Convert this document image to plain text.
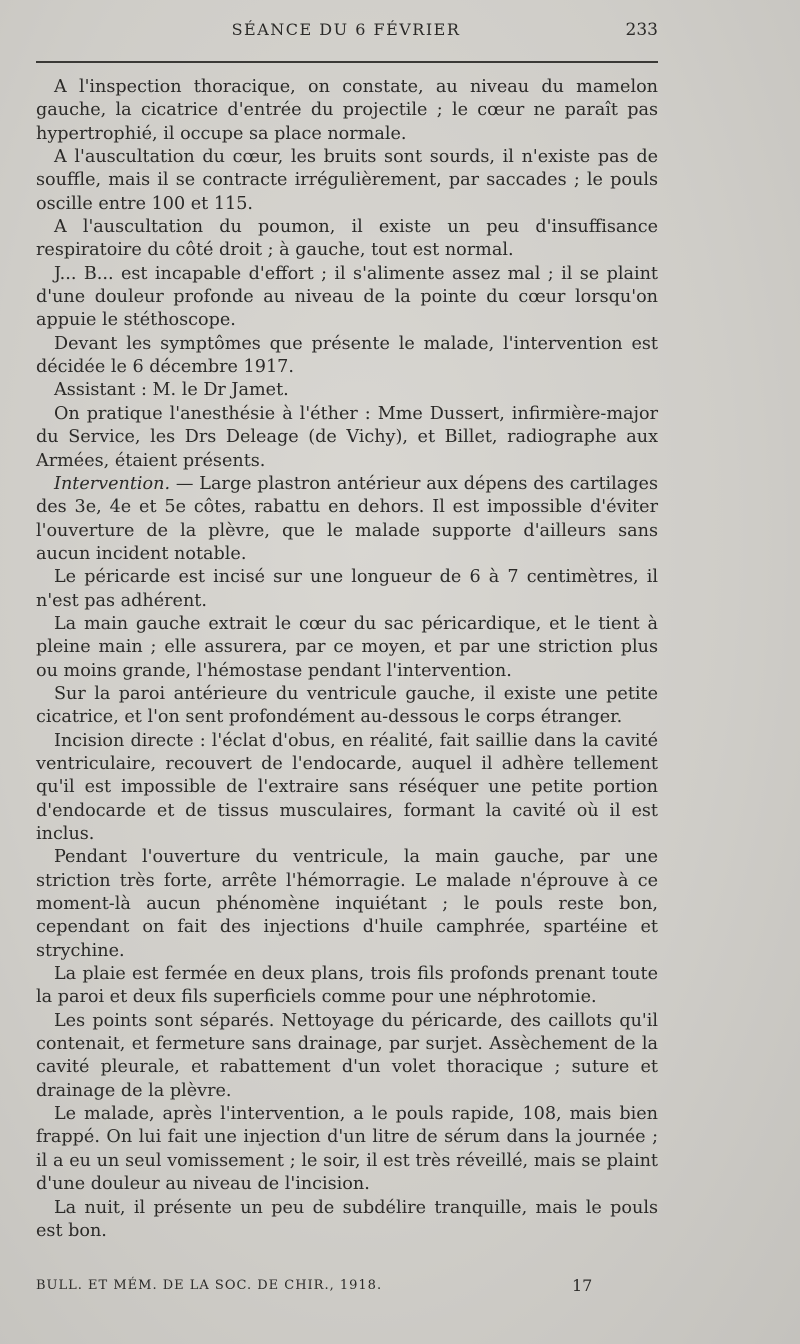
SÉANCE DU 6 FÉVRIER	233

A l'inspection thoracique, on constate, au niveau du mamelon gauche, la cicatrice d'entrée du projectile ; le cœur ne paraît pas hypertrophié, il occupe sa place normale.

A l'auscultation du cœur, les bruits sont sourds, il n'existe pas de souffle, mais il se contracte irrégulièrement, par saccades ; le pouls oscille entre 100 et 115.

A l'auscultation du poumon, il existe un peu d'insuffisance respiratoire du côté droit ; à gauche, tout est normal.

J... B... est incapable d'effort ; il s'alimente assez mal ; il se plaint d'une douleur profonde au niveau de la pointe du cœur lorsqu'on appuie le stéthoscope.

Devant les symptômes que présente le malade, l'intervention est décidée le 6 décembre 1917.

Assistant : M. le Dr Jamet.

On pratique l'anesthésie à l'éther : Mme Dussert, infirmière-major du Service, les Drs Deleage (de Vichy), et Billet, radiographe aux Armées, étaient présents.

Intervention. — Large plastron antérieur aux dépens des cartilages des 3e, 4e et 5e côtes, rabattu en dehors. Il est impossible d'éviter l'ouverture de la plèvre, que le malade supporte d'ailleurs sans aucun incident notable.

Le péricarde est incisé sur une longueur de 6 à 7 centimètres, il n'est pas adhérent.

La main gauche extrait le cœur du sac péricardique, et le tient à pleine main ; elle assurera, par ce moyen, et par une striction plus ou moins grande, l'hémostase pendant l'intervention.

Sur la paroi antérieure du ventricule gauche, il existe une petite cicatrice, et l'on sent profondément au-dessous le corps étranger.

Incision directe : l'éclat d'obus, en réalité, fait saillie dans la cavité ventriculaire, recouvert de l'endocarde, auquel il adhère tellement qu'il est impossible de l'extraire sans réséquer une petite portion d'endocarde et de tissus musculaires, formant la cavité où il est inclus.

Pendant l'ouverture du ventricule, la main gauche, par une striction très forte, arrête l'hémorragie. Le malade n'éprouve à ce moment-là aucun phénomène inquiétant ; le pouls reste bon, cependant on fait des injections d'huile camphrée, spartéine et strychine.

La plaie est fermée en deux plans, trois fils profonds prenant toute la paroi et deux fils superficiels comme pour une néphrotomie.

Les points sont séparés. Nettoyage du péricarde, des caillots qu'il contenait, et fermeture sans drainage, par surjet. Assèchement de la cavité pleurale, et rabattement d'un volet thoracique ; suture et drainage de la plèvre.

Le malade, après l'intervention, a le pouls rapide, 108, mais bien frappé. On lui fait une injection d'un litre de sérum dans la journée ; il a eu un seul vomissement ; le soir, il est très réveillé, mais se plaint d'une douleur au niveau de l'incision.

La nuit, il présente un peu de subdélire tranquille, mais le pouls est bon.

BULL. ET MÉM. DE LA SOC. DE CHIR., 1918.	17
